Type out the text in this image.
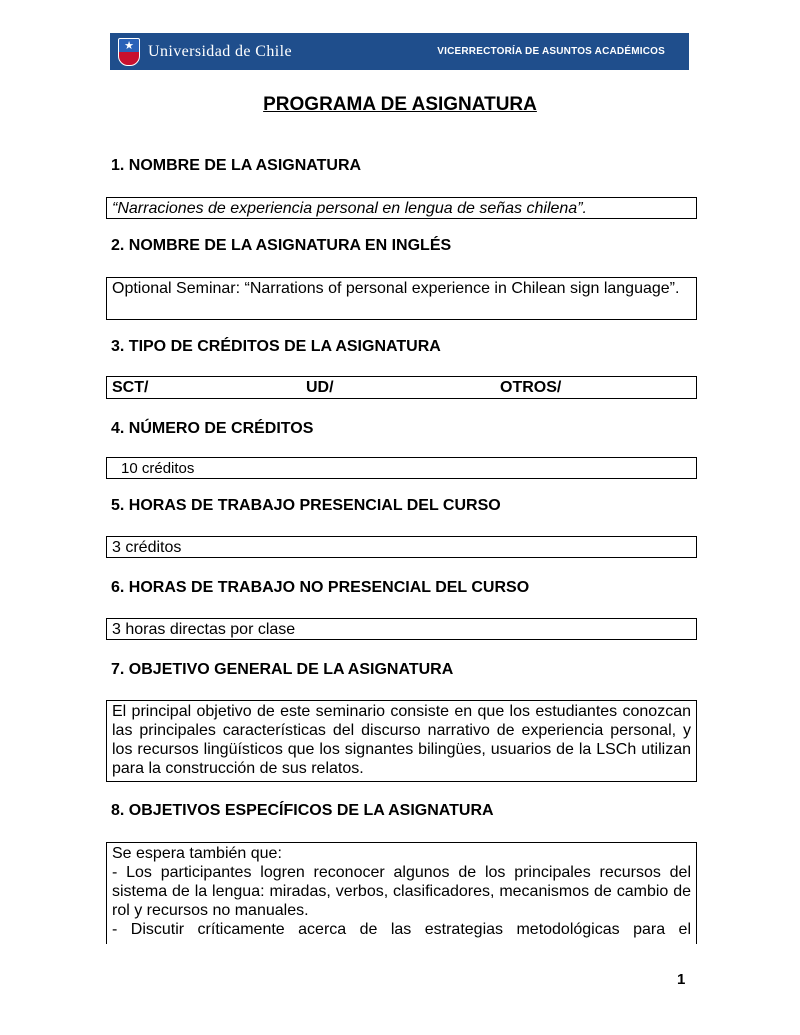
★
Universidad de Chile	VICERRECTORÍA DE ASUNTOS ACADÉMICOS
PROGRAMA DE ASIGNATURA
1. NOMBRE DE LA ASIGNATURA
“Narraciones de experiencia personal en lengua de señas chilena”.
2. NOMBRE DE LA ASIGNATURA EN INGLÉS
Optional Seminar: “Narrations of personal experience in Chilean sign language”.
3. TIPO DE CRÉDITOS DE LA ASIGNATURA
SCT/	UD/	OTROS/
4. NÚMERO DE CRÉDITOS
10 créditos
5. HORAS DE TRABAJO PRESENCIAL DEL CURSO
3 créditos
6. HORAS DE TRABAJO NO PRESENCIAL DEL CURSO
3 horas directas por clase
7. OBJETIVO GENERAL DE LA ASIGNATURA
El principal objetivo de este seminario consiste en que los estudiantes conozcan las principales características del discurso narrativo de experiencia personal, y los recursos lingüísticos que los signantes bilingües, usuarios de la LSCh utilizan para la construcción de sus relatos.
8. OBJETIVOS ESPECÍFICOS DE LA ASIGNATURA
Se espera también que:
- Los participantes logren reconocer algunos de los principales recursos del sistema de la lengua: miradas, verbos, clasificadores, mecanismos de cambio de rol y recursos no manuales.
- Discutir críticamente acerca de las estrategias metodológicas para el
1
